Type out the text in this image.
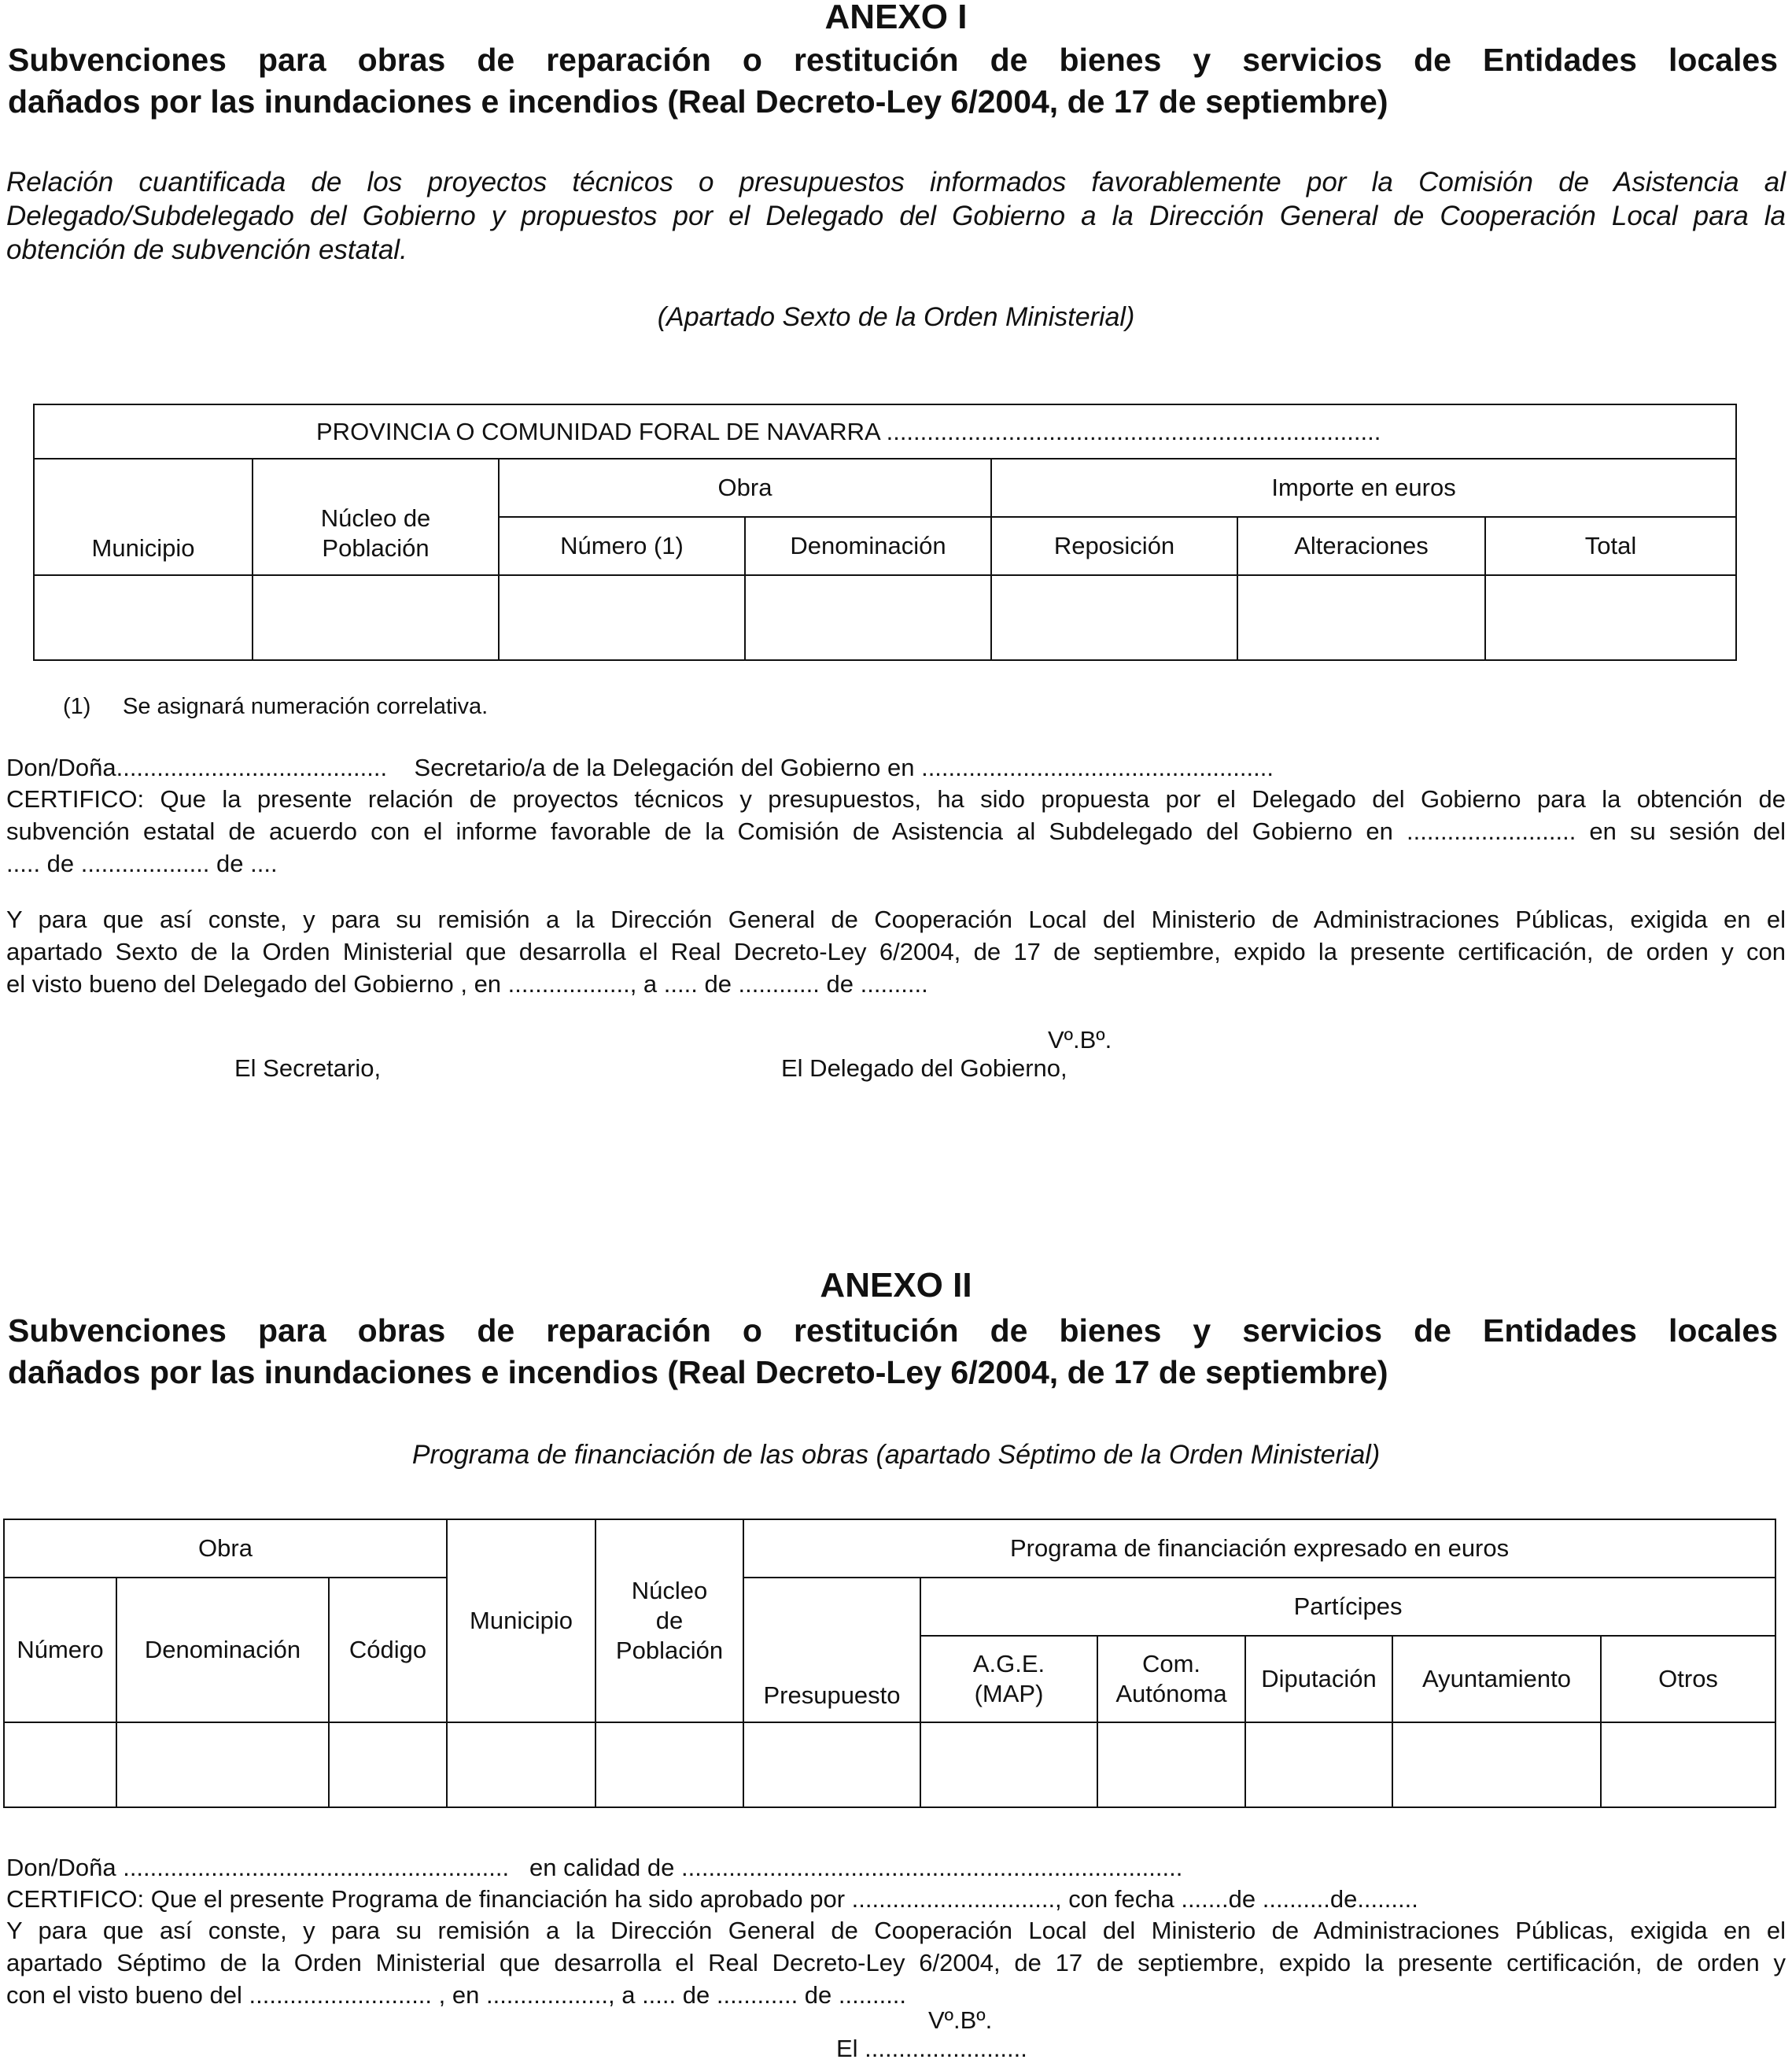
ANEXO I
Subvenciones para obras de reparación o restitución de bienes y servicios de Entidades locales
dañados por las inundaciones e incendios (Real Decreto-Ley 6/2004, de 17 de septiembre)
Relación cuantificada de los proyectos técnicos o presupuestos informados favorablemente por la Comisión de Asistencia al
Delegado/Subdelegado del Gobierno y propuestos por el Delegado del Gobierno a la Dirección General de Cooperación Local para la
obtención de subvención estatal.
(Apartado Sexto de la Orden Ministerial)
PROVINCIA O COMUNIDAD FORAL DE NAVARRA .........................................................................						
Municipio	Núcleo de Población	Obra		Importe en euros		
		Número (1)	Denominación	Reposición	Alteraciones	Total

(1) Se asignará numeración correlativa.
Don/Doña........................................    Secretario/a de la Delegación del Gobierno en ....................................................
CERTIFICO: Que la presente relación de proyectos técnicos y presupuestos, ha sido propuesta por el Delegado del Gobierno para la obtención de
subvención estatal de acuerdo con el informe favorable de la Comisión de Asistencia al Subdelegado del Gobierno en ......................... en su sesión del
..... de ................... de ....
Y para que así conste, y para su remisión a la Dirección General de Cooperación Local del Ministerio de Administraciones Públicas, exigida en el
apartado Sexto de la Orden Ministerial que desarrolla el Real Decreto-Ley 6/2004, de 17 de septiembre, expido la presente certificación, de orden y con
el visto bueno del Delegado del Gobierno , en .................., a ..... de ............ de ..........
Vº.Bº.
El Secretario,	El Delegado del Gobierno,
ANEXO II
Subvenciones para obras de reparación o restitución de bienes y servicios de Entidades locales
dañados por las inundaciones e incendios (Real Decreto-Ley 6/2004, de 17 de septiembre)
Programa de financiación de las obras (apartado Séptimo de la Orden Ministerial)
Obra			Municipio	Núcleo de Población	Programa de financiación expresado en euros					
Número	Denominación	Código			Presupuesto	Partícipes				
						A.G.E. (MAP)	Com. Autónoma	Diputación	Ayuntamiento	Otros

Don/Doña .........................................................   en calidad de ..........................................................................
CERTIFICO: Que el presente Programa de financiación ha sido aprobado por .............................., con fecha .......de ..........de.........
Y para que así conste, y para su remisión a la Dirección General de Cooperación Local del Ministerio de Administraciones Públicas, exigida en el
apartado Séptimo de la Orden Ministerial que desarrolla el Real Decreto-Ley 6/2004, de 17 de septiembre, expido la presente certificación, de orden y
con el visto bueno del ........................... , en .................., a ..... de ............ de ..........
Vº.Bº.
El ........................
